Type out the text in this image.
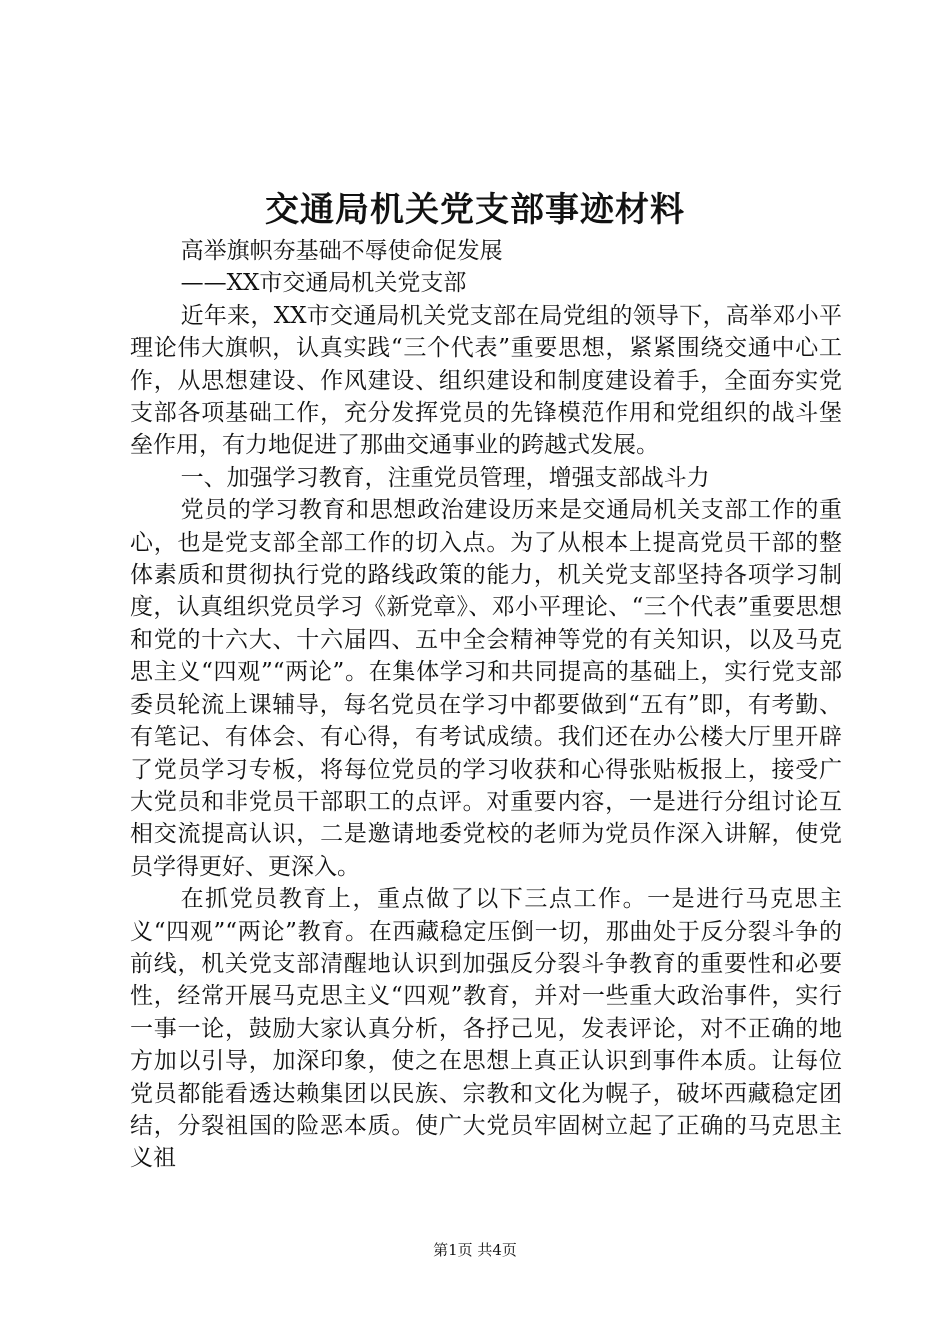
交通局机关党支部事迹材料

高举旗帜夯基础不辱使命促发展

——XX市交通局机关党支部

近年来，XX市交通局机关党支部在局党组的领导下，高举邓小平理论伟大旗帜，认真实践“三个代表”重要思想，紧紧围绕交通中心工作，从思想建设、作风建设、组织建设和制度建设着手，全面夯实党支部各项基础工作，充分发挥党员的先锋模范作用和党组织的战斗堡垒作用，有力地促进了那曲交通事业的跨越式发展。

一、加强学习教育，注重党员管理，增强支部战斗力

党员的学习教育和思想政治建设历来是交通局机关支部工作的重心，也是党支部全部工作的切入点。为了从根本上提高党员干部的整体素质和贯彻执行党的路线政策的能力，机关党支部坚持各项学习制度，认真组织党员学习《新党章》、邓小平理论、“三个代表”重要思想和党的十六大、十六届四、五中全会精神等党的有关知识，以及马克思主义“四观”“两论”。在集体学习和共同提高的基础上，实行党支部委员轮流上课辅导，每名党员在学习中都要做到“五有”即，有考勤、有笔记、有体会、有心得，有考试成绩。我们还在办公楼大厅里开辟了党员学习专板，将每位党员的学习收获和心得张贴板报上，接受广大党员和非党员干部职工的点评。对重要内容，一是进行分组讨论互相交流提高认识，二是邀请地委党校的老师为党员作深入讲解，使党员学得更好、更深入。

在抓党员教育上，重点做了以下三点工作。一是进行马克思主义“四观”“两论”教育。在西藏稳定压倒一切，那曲处于反分裂斗争的前线，机关党支部清醒地认识到加强反分裂斗争教育的重要性和必要性，经常开展马克思主义“四观”教育，并对一些重大政治事件，实行一事一论，鼓励大家认真分析，各抒己见，发表评论，对不正确的地方加以引导，加深印象，使之在思想上真正认识到事件本质。让每位党员都能看透达赖集团以民族、宗教和文化为幌子，破坏西藏稳定团结，分裂祖国的险恶本质。使广大党员牢固树立起了正确的马克思主义祖

第1页 共4页
